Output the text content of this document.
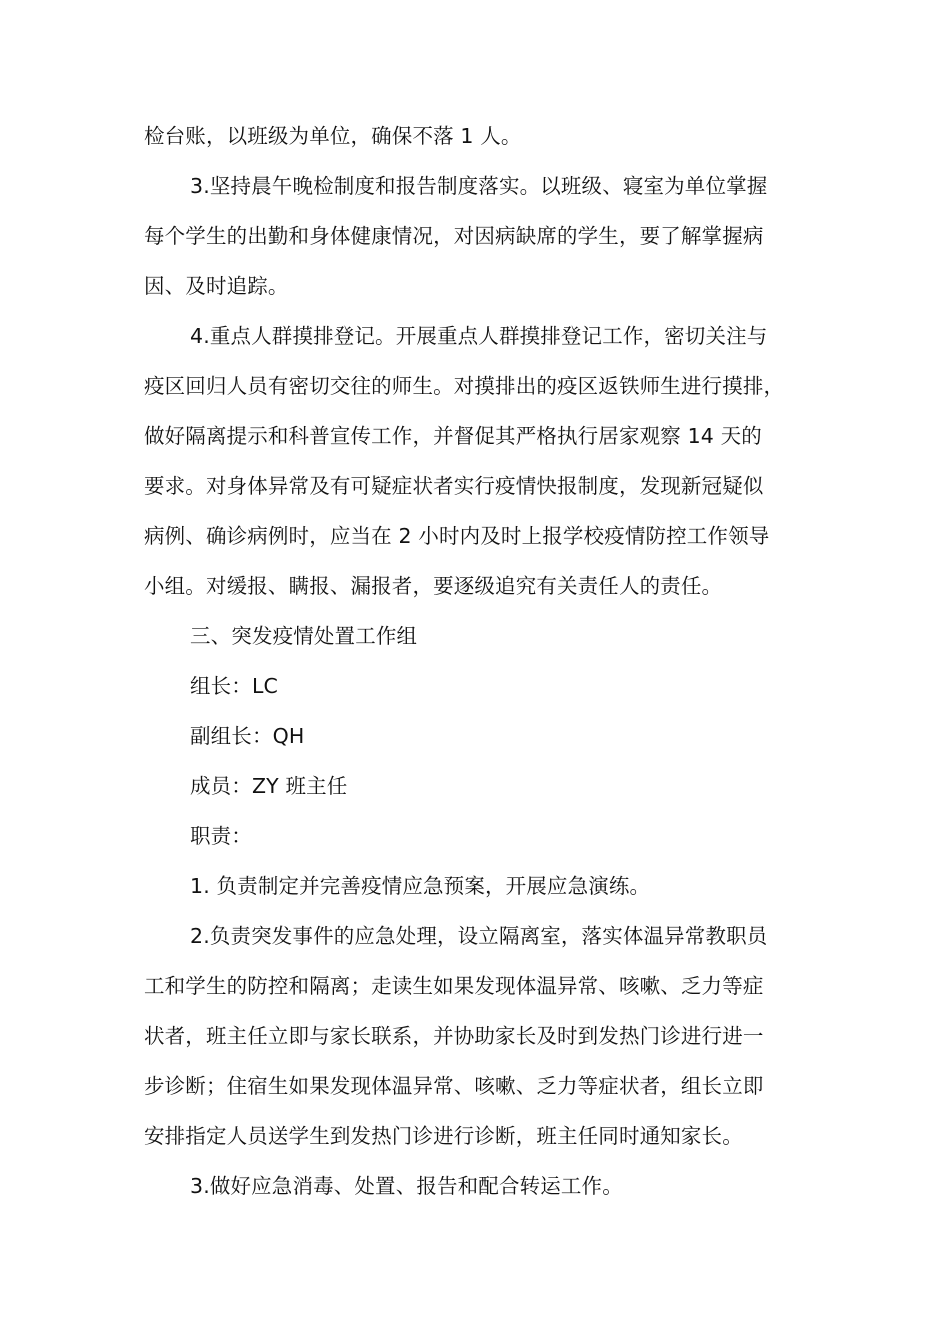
检台账，以班级为单位，确保不落 1 人。
3.坚持晨午晚检制度和报告制度落实。以班级、寝室为单位掌握
每个学生的出勤和身体健康情况，对因病缺席的学生，要了解掌握病
因、及时追踪。
4.重点人群摸排登记。开展重点人群摸排登记工作，密切关注与
疫区回归人员有密切交往的师生。对摸排出的疫区返铁师生进行摸排，
做好隔离提示和科普宣传工作，并督促其严格执行居家观察 14 天的
要求。对身体异常及有可疑症状者实行疫情快报制度，发现新冠疑似
病例、确诊病例时，应当在 2 小时内及时上报学校疫情防控工作领导
小组。对缓报、瞒报、漏报者，要逐级追究有关责任人的责任。
三、突发疫情处置工作组
组长：LC
副组长：QH
成员：ZY 班主任
职责：
1. 负责制定并完善疫情应急预案，开展应急演练。
2.负责突发事件的应急处理，设立隔离室，落实体温异常教职员
工和学生的防控和隔离；走读生如果发现体温异常、咳嗽、乏力等症
状者，班主任立即与家长联系，并协助家长及时到发热门诊进行进一
步诊断；住宿生如果发现体温异常、咳嗽、乏力等症状者，组长立即
安排指定人员送学生到发热门诊进行诊断，班主任同时通知家长。
3.做好应急消毒、处置、报告和配合转运工作。
